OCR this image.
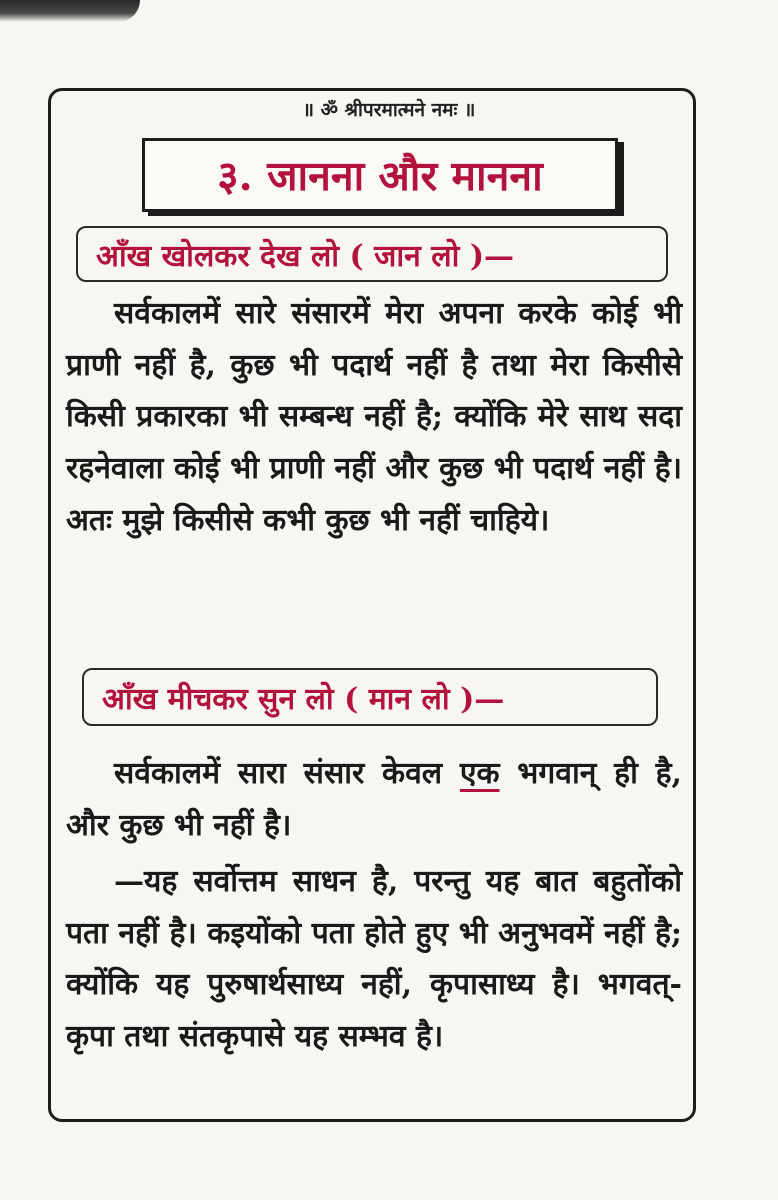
॥ ॐ श्रीपरमात्मने नमः ॥
३. जानना और मानना
आँख खोलकर देख लो ( जान लो )—
सर्वकालमें सारे संसारमें मेरा अपना करके कोई भी प्राणी नहीं है, कुछ भी पदार्थ नहीं है तथा मेरा किसीसे किसी प्रकारका भी सम्बन्ध नहीं है; क्योंकि मेरे साथ सदा रहनेवाला कोई भी प्राणी नहीं और कुछ भी पदार्थ नहीं है। अतः मुझे किसीसे कभी कुछ भी नहीं चाहिये।
आँख मीचकर सुन लो ( मान लो )—
सर्वकालमें सारा संसार केवल एक भगवान् ही है, और कुछ भी नहीं है।
—यह सर्वोत्तम साधन है, परन्तु यह बात बहुतोंको पता नहीं है। कइयोंको पता होते हुए भी अनुभवमें नहीं है; क्योंकि यह पुरुषार्थसाध्य नहीं, कृपासाध्य है। भगवत्-कृपा तथा संतकृपासे यह सम्भव है।
